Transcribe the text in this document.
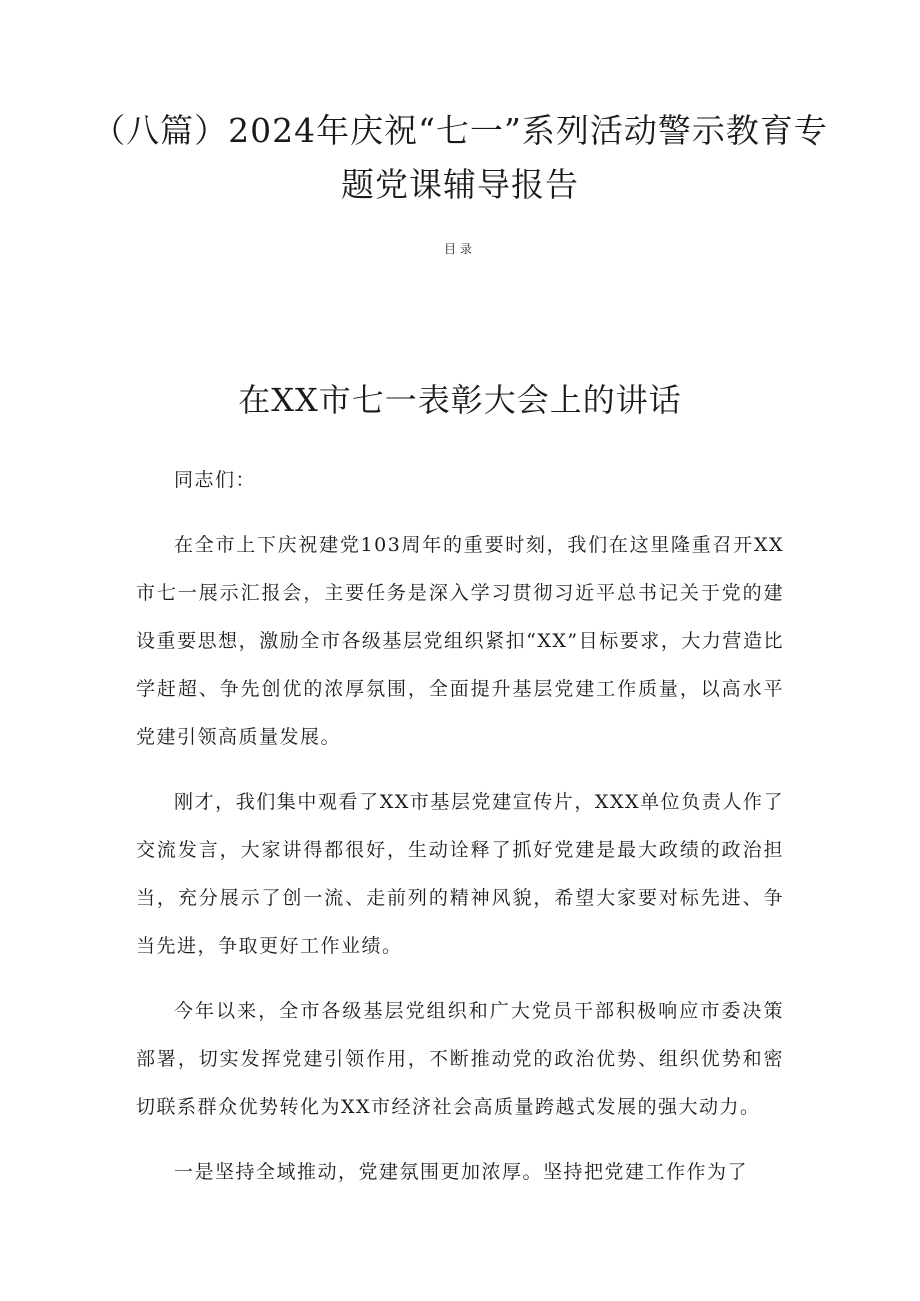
（八篇）2024年庆祝“七一”系列活动警示教育专题党课辅导报告
目录
在XX市七一表彰大会上的讲话

同志们：

在全市上下庆祝建党103周年的重要时刻，我们在这里隆重召开XX市七一展示汇报会，主要任务是深入学习贯彻习近平总书记关于党的建设重要思想，激励全市各级基层党组织紧扣“XX”目标要求，大力营造比学赶超、争先创优的浓厚氛围，全面提升基层党建工作质量，以高水平党建引领高质量发展。

刚才，我们集中观看了XX市基层党建宣传片，XXX单位负责人作了交流发言，大家讲得都很好，生动诠释了抓好党建是最大政绩的政治担当，充分展示了创一流、走前列的精神风貌，希望大家要对标先进、争当先进，争取更好工作业绩。

今年以来，全市各级基层党组织和广大党员干部积极响应市委决策部署，切实发挥党建引领作用，不断推动党的政治优势、组织优势和密切联系群众优势转化为XX市经济社会高质量跨越式发展的强大动力。

一是坚持全域推动，党建氛围更加浓厚。坚持把党建工作作为了
